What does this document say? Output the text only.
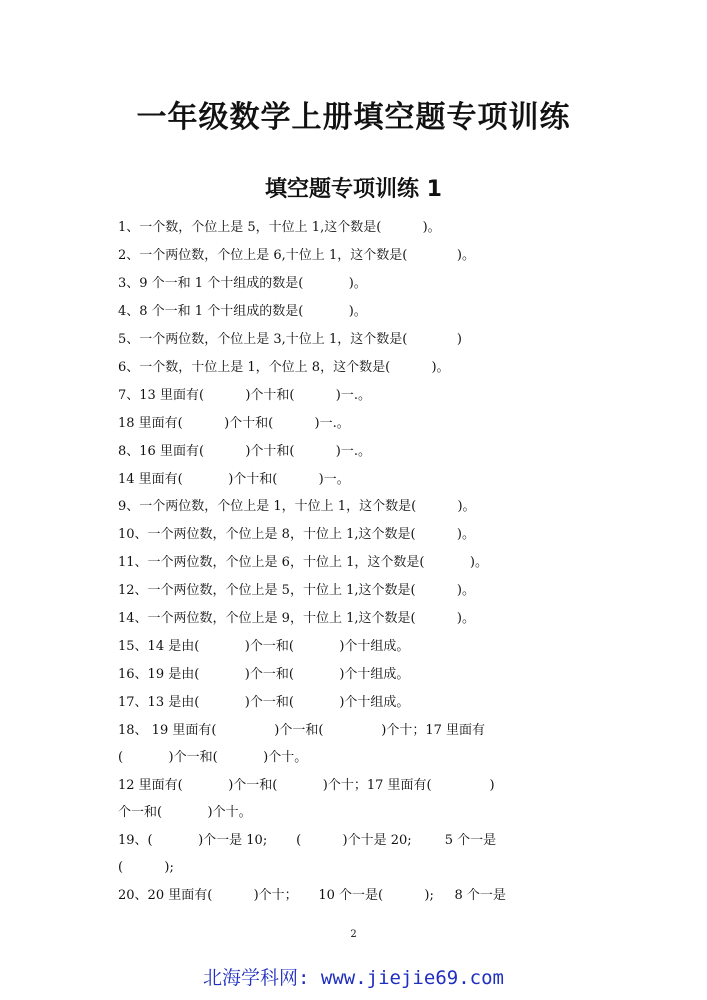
一年级数学上册填空题专项训练
填空题专项训练 1
1、一个数，个位上是 5，十位上 1,这个数是(          )。
2、一个两位数，个位上是 6,十位上 1，这个数是(            )。
3、9 个一和 1 个十组成的数是(           )。
4、8 个一和 1 个十组成的数是(           )。
5、一个两位数，个位上是 3,十位上 1，这个数是(            )
6、一个数，十位上是 1，个位上 8，这个数是(          )。
7、13 里面有(          )个十和(          )一.。
18 里面有(          )个十和(          )一.。
8、16 里面有(          )个十和(          )一.。
14 里面有(           )个十和(          )一。
9、一个两位数，个位上是 1，十位上 1，这个数是(          )。
10、一个两位数，个位上是 8，十位上 1,这个数是(          )。
11、一个两位数，个位上是 6，十位上 1，这个数是(           )。
12、一个两位数，个位上是 5，十位上 1,这个数是(          )。
14、一个两位数，个位上是 9，十位上 1,这个数是(          )。
15、14 是由(           )个一和(           )个十组成。
16、19 是由(           )个一和(           )个十组成。
17、13 是由(           )个一和(           )个十组成。
18、 19 里面有(              )个一和(              )个十；17 里面有
(           )个一和(           )个十。
12 里面有(           )个一和(           )个十；17 里面有(              )
个一和(           )个十。
19、(           )个一是 10;       (          )个十是 20;        5 个一是
(          );
20、20 里面有(          )个十；     10 个一是(          );     8 个一是
2
北海学科网: www.jiejie69.com
